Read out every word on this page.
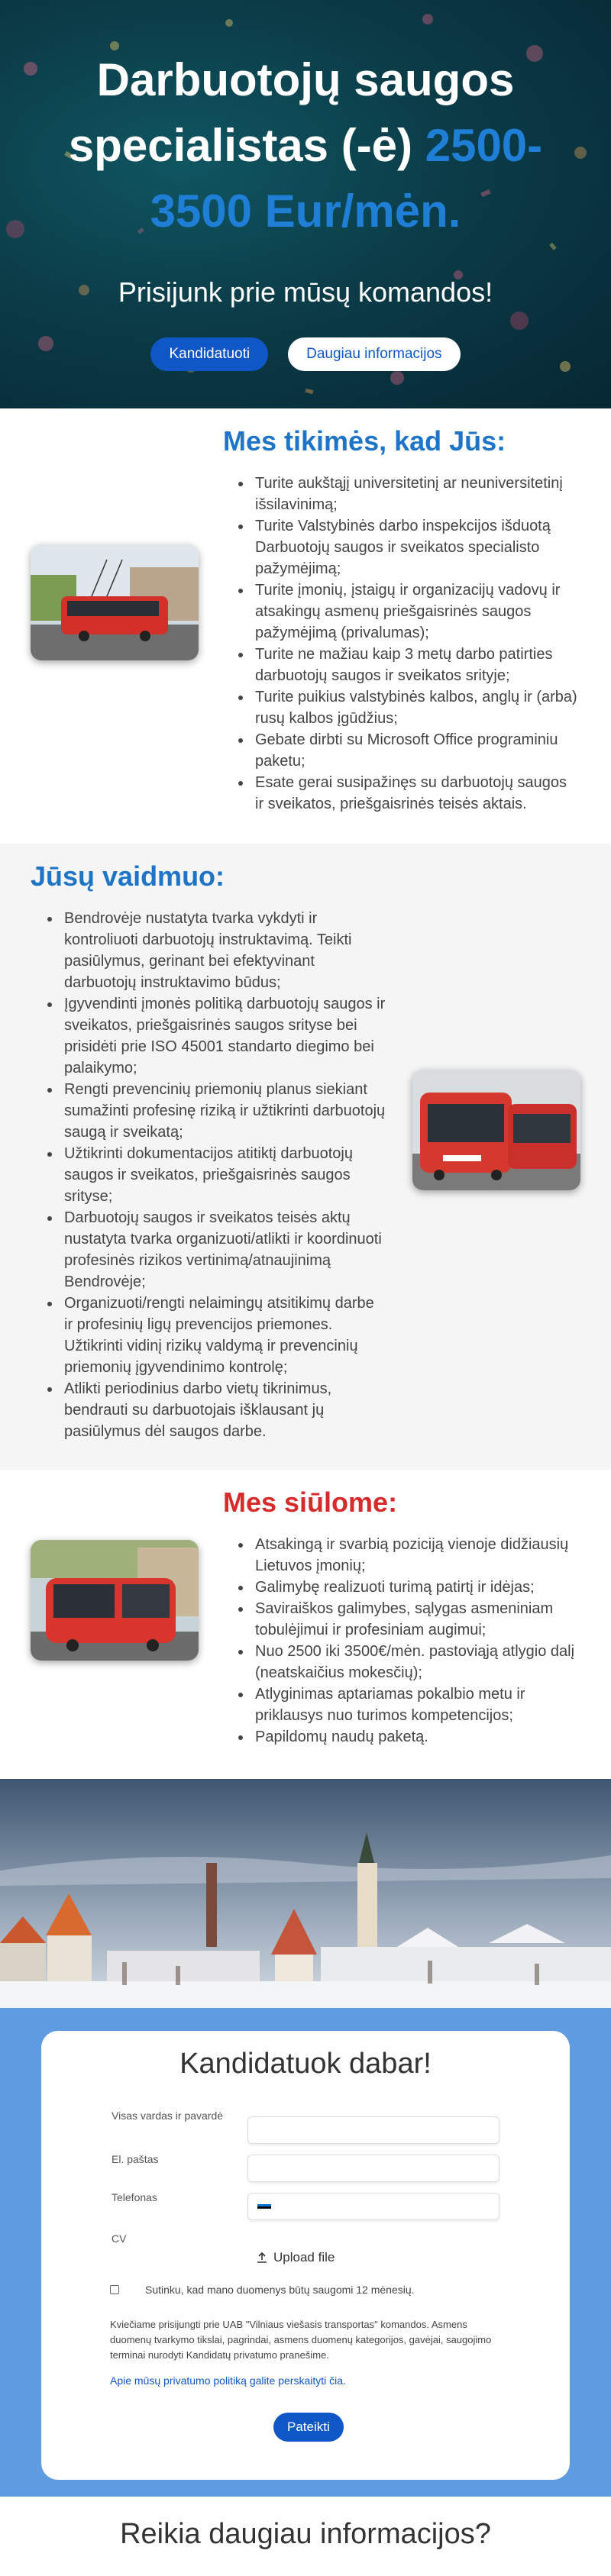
Darbuotojų saugos
specialistas (-ė) 2500-
3500 Eur/mėn.
Prisijunk prie mūsų komandos!
Kandidatuoti	Daugiau informacijos
Mes tikimės, kad Jūs:
• Turite aukštąjį universitetinį ar neuniversitetinį išsilavinimą;
• Turite Valstybinės darbo inspekcijos išduotą Darbuotojų saugos ir sveikatos specialisto pažymėjimą;
• Turite įmonių, įstaigų ir organizacijų vadovų ir atsakingų asmenų priešgaisrinės saugos pažymėjimą (privalumas);
• Turite ne mažiau kaip 3 metų darbo patirties darbuotojų saugos ir sveikatos srityje;
• Turite puikius valstybinės kalbos, anglų ir (arba) rusų kalbos įgūdžius;
• Gebate dirbti su Microsoft Office programiniu paketu;
• Esate gerai susipažinęs su darbuotojų saugos ir sveikatos, priešgaisrinės teisės aktais.
Jūsų vaidmuo:
• Bendrovėje nustatyta tvarka vykdyti ir kontroliuoti darbuotojų instruktavimą. Teikti pasiūlymus, gerinant bei efektyvinant darbuotojų instruktavimo būdus;
• Įgyvendinti įmonės politiką darbuotojų saugos ir sveikatos, priešgaisrinės saugos srityse bei prisidėti prie ISO 45001 standarto diegimo bei palaikymo;
• Rengti prevencinių priemonių planus siekiant sumažinti profesinę riziką ir užtikrinti darbuotojų saugą ir sveikatą;
• Užtikrinti dokumentacijos atitiktį darbuotojų saugos ir sveikatos, priešgaisrinės saugos srityse;
• Darbuotojų saugos ir sveikatos teisės aktų nustatyta tvarka organizuoti/atlikti ir koordinuoti profesinės rizikos vertinimą/atnaujinimą Bendrovėje;
• Organizuoti/rengti nelaimingų atsitikimų darbe ir profesinių ligų prevencijos priemones. Užtikrinti vidinį rizikų valdymą ir prevencinių priemonių įgyvendinimo kontrolę;
• Atlikti periodinius darbo vietų tikrinimus, bendrauti su darbuotojais išklausant jų pasiūlymus dėl saugos darbe.
Mes siūlome:
• Atsakingą ir svarbią poziciją vienoje didžiausių Lietuvos įmonių;
• Galimybę realizuoti turimą patirtį ir idėjas;
• Saviraiškos galimybes, sąlygas asmeniniam tobulėjimui ir profesiniam augimui;
• Nuo 2500 iki 3500€/mėn. pastoviąją atlygio dalį (neatskaičius mokesčių);
• Atlyginimas aptariamas pokalbio metu ir priklausys nuo turimos kompetencijos;
• Papildomų naudų paketą.
Kandidatuok dabar!
Visas vardas ir pavardė
El. paštas
Telefonas
CV
Upload file
Sutinku, kad mano duomenys būtų saugomi 12 mėnesių.

Kviečiame prisijungti prie UAB "Vilniaus viešasis transportas" komandos. Asmens duomenų tvarkymo tikslai, pagrindai, asmens duomenų kategorijos, gavėjai, saugojimo terminai nurodyti Kandidatų privatumo pranešime.

Apie mūsų privatumo politiką galite perskaityti čia.
Pateikti
Reikia daugiau informacijos?
